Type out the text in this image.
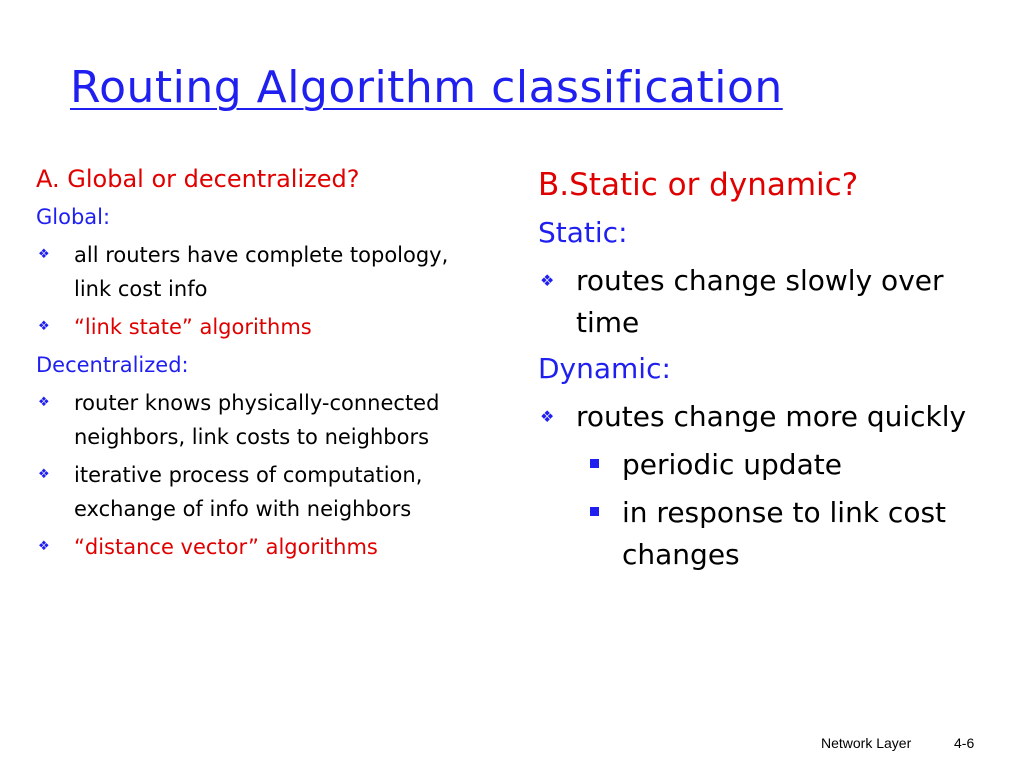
Routing Algorithm classification
A. Global or decentralized?
Global:
❖ all routers have complete topology, link cost info
❖ “link state” algorithms
Decentralized:
❖ router knows physically-connected neighbors, link costs to neighbors
❖ iterative process of computation, exchange of info with neighbors
❖ “distance vector” algorithms
B.Static or dynamic?
Static:
❖ routes change slowly over time
Dynamic:
❖ routes change more quickly
periodic update
in response to link cost changes
Network Layer	4-6
